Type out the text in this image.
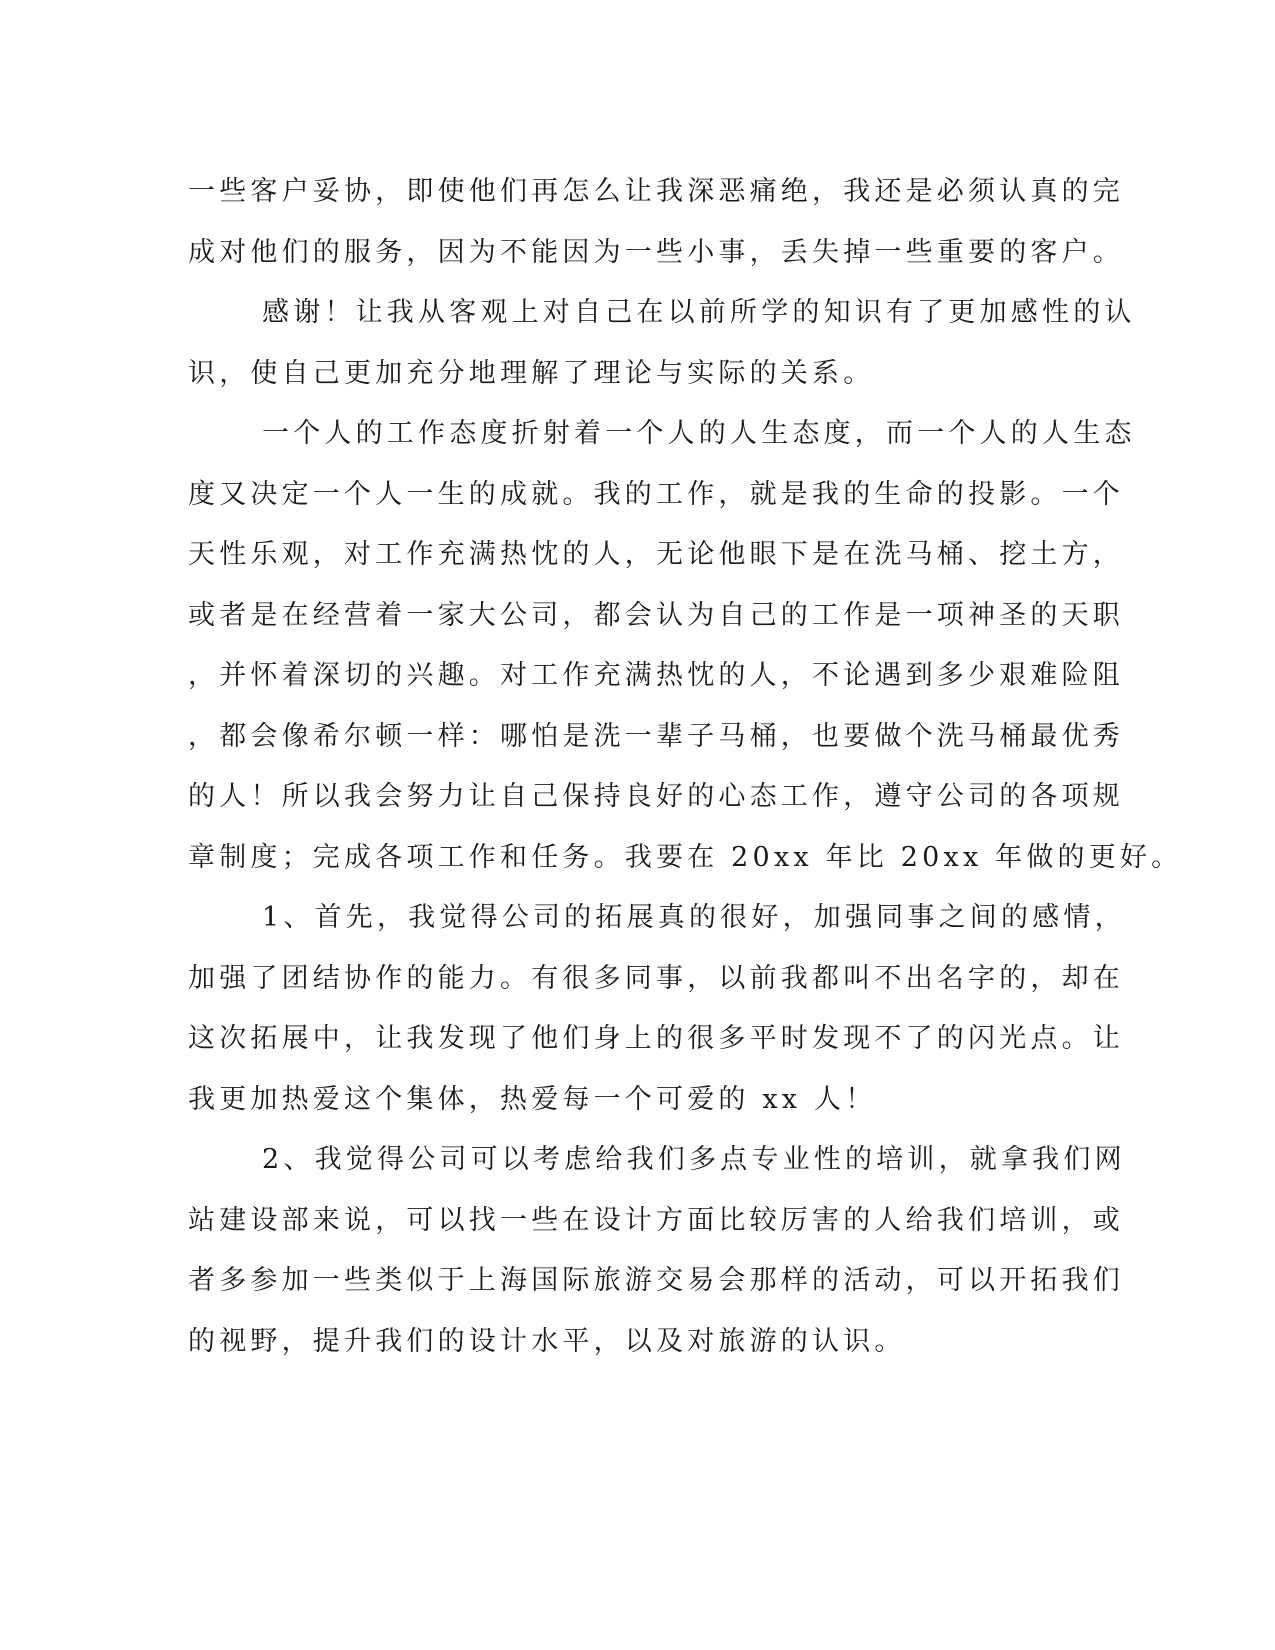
一些客户妥协，即使他们再怎么让我深恶痛绝，我还是必须认真的完
成对他们的服务，因为不能因为一些小事，丢失掉一些重要的客户。
感谢！让我从客观上对自己在以前所学的知识有了更加感性的认
识，使自己更加充分地理解了理论与实际的关系。
一个人的工作态度折射着一个人的人生态度，而一个人的人生态
度又决定一个人一生的成就。我的工作，就是我的生命的投影。一个
天性乐观，对工作充满热忱的人，无论他眼下是在洗马桶、挖土方，
或者是在经营着一家大公司，都会认为自己的工作是一项神圣的天职
，并怀着深切的兴趣。对工作充满热忱的人，不论遇到多少艰难险阻
，都会像希尔顿一样：哪怕是洗一辈子马桶，也要做个洗马桶最优秀
的人！所以我会努力让自己保持良好的心态工作，遵守公司的各项规
章制度；完成各项工作和任务。我要在 20xx 年比 20xx 年做的更好。
1、首先，我觉得公司的拓展真的很好，加强同事之间的感情，
加强了团结协作的能力。有很多同事，以前我都叫不出名字的，却在
这次拓展中，让我发现了他们身上的很多平时发现不了的闪光点。让
我更加热爱这个集体，热爱每一个可爱的 xx 人！
2、我觉得公司可以考虑给我们多点专业性的培训，就拿我们网
站建设部来说，可以找一些在设计方面比较厉害的人给我们培训，或
者多参加一些类似于上海国际旅游交易会那样的活动，可以开拓我们
的视野，提升我们的设计水平，以及对旅游的认识。
